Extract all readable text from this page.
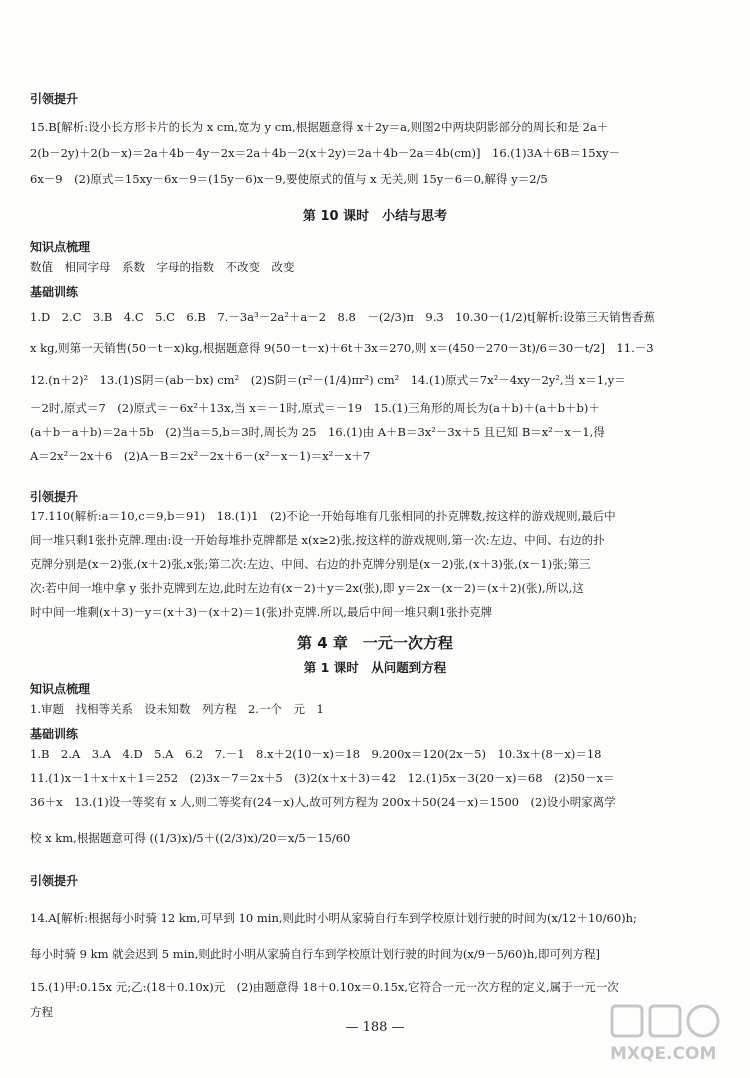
引领提升
15.B[解析:设小长方形卡片的长为 x cm,宽为 y cm,根据题意得 x＋2y＝a,则图2中两块阴影部分的周长和是 2a＋
2(b－2y)＋2(b－x)＝2a＋4b－4y－2x＝2a＋4b－2(x＋2y)＝2a＋4b－2a＝4b(cm)]　16.(1)3A＋6B＝15xy－
6x－9　(2)原式＝15xy－6x－9＝(15y－6)x－9,要使原式的值与 x 无关,则 15y－6＝0,解得 y＝2/5
第 10 课时　小结与思考
知识点梳理
数值　相同字母　系数　字母的指数　不改变　改变
基础训练
1.D　2.C　3.B　4.C　5.C　6.B　7.－3a³－2a²＋a－2　8.8　－(2/3)π　9.3　10.30－(1/2)t[解析:设第三天销售香蕉
x kg,则第一天销售(50－t－x)kg,根据题意得 9(50－t－x)＋6t＋3x＝270,则 x＝(450－270－3t)/6＝30－t/2]　11.－3
12.(n＋2)²　13.(1)S阴＝(ab－bx) cm²　(2)S阴＝(r²－(1/4)πr²) cm²　14.(1)原式＝7x²－4xy－2y²,当 x＝1,y＝
－2时,原式＝7　(2)原式＝－6x²＋13x,当 x＝－1时,原式＝－19　15.(1)三角形的周长为(a＋b)＋(a＋b＋b)＋
(a＋b－a＋b)＝2a＋5b　(2)当a＝5,b＝3时,周长为 25　16.(1)由 A＋B＝3x²－3x＋5 且已知 B＝x²－x－1,得
A＝2x²－2x＋6　(2)A－B＝2x²－2x＋6－(x²－x－1)＝x²－x＋7
引领提升
17.110(解析:a＝10,c＝9,b＝91)　18.(1)1　(2)不论一开始每堆有几张相同的扑克牌数,按这样的游戏规则,最后中
间一堆只剩1张扑克牌.理由:设一开始每堆扑克牌都是 x(x≥2)张,按这样的游戏规则,第一次:左边、中间、右边的扑
克牌分别是(x－2)张,(x＋2)张,x张;第二次:左边、中间、右边的扑克牌分别是(x－2)张,(x＋3)张,(x－1)张;第三
次:若中间一堆中拿 y 张扑克牌到左边,此时左边有(x－2)＋y＝2x(张),即 y＝2x－(x－2)＝(x＋2)(张),所以,这
时中间一堆剩(x＋3)－y＝(x＋3)－(x＋2)＝1(张)扑克牌.所以,最后中间一堆只剩1张扑克牌
第 4 章　一元一次方程
第 1 课时　从问题到方程
知识点梳理
1.审题　找相等关系　设未知数　列方程　2.一个　元　1
基础训练
1.B　2.A　3.A　4.D　5.A　6.2　7.－1　8.x＋2(10－x)＝18　9.200x＝120(2x－5)　10.3x＋(8－x)＝18
11.(1)x－1＋x＋x＋1＝252　(2)3x－7＝2x＋5　(3)2(x＋x＋3)＝42　12.(1)5x－3(20－x)＝68　(2)50－x＝
36＋x　13.(1)设一等奖有 x 人,则二等奖有(24－x)人,故可列方程为 200x＋50(24－x)＝1500　(2)设小明家离学
校 x km,根据题意可得 ((1/3)x)/5＋((2/3)x)/20＝x/5－15/60
引领提升
14.A[解析:根据每小时骑 12 km,可早到 10 min,则此时小明从家骑自行车到学校原计划行驶的时间为(x/12＋10/60)h;
每小时骑 9 km 就会迟到 5 min,则此时小明从家骑自行车到学校原计划行驶的时间为(x/9－5/60)h,即可列方程]
15.(1)甲:0.15x 元;乙:(18＋0.10x)元　(2)由题意得 18＋0.10x＝0.15x,它符合一元一次方程的定义,属于一元一次
方程
— 188 —
MXQE.COM
